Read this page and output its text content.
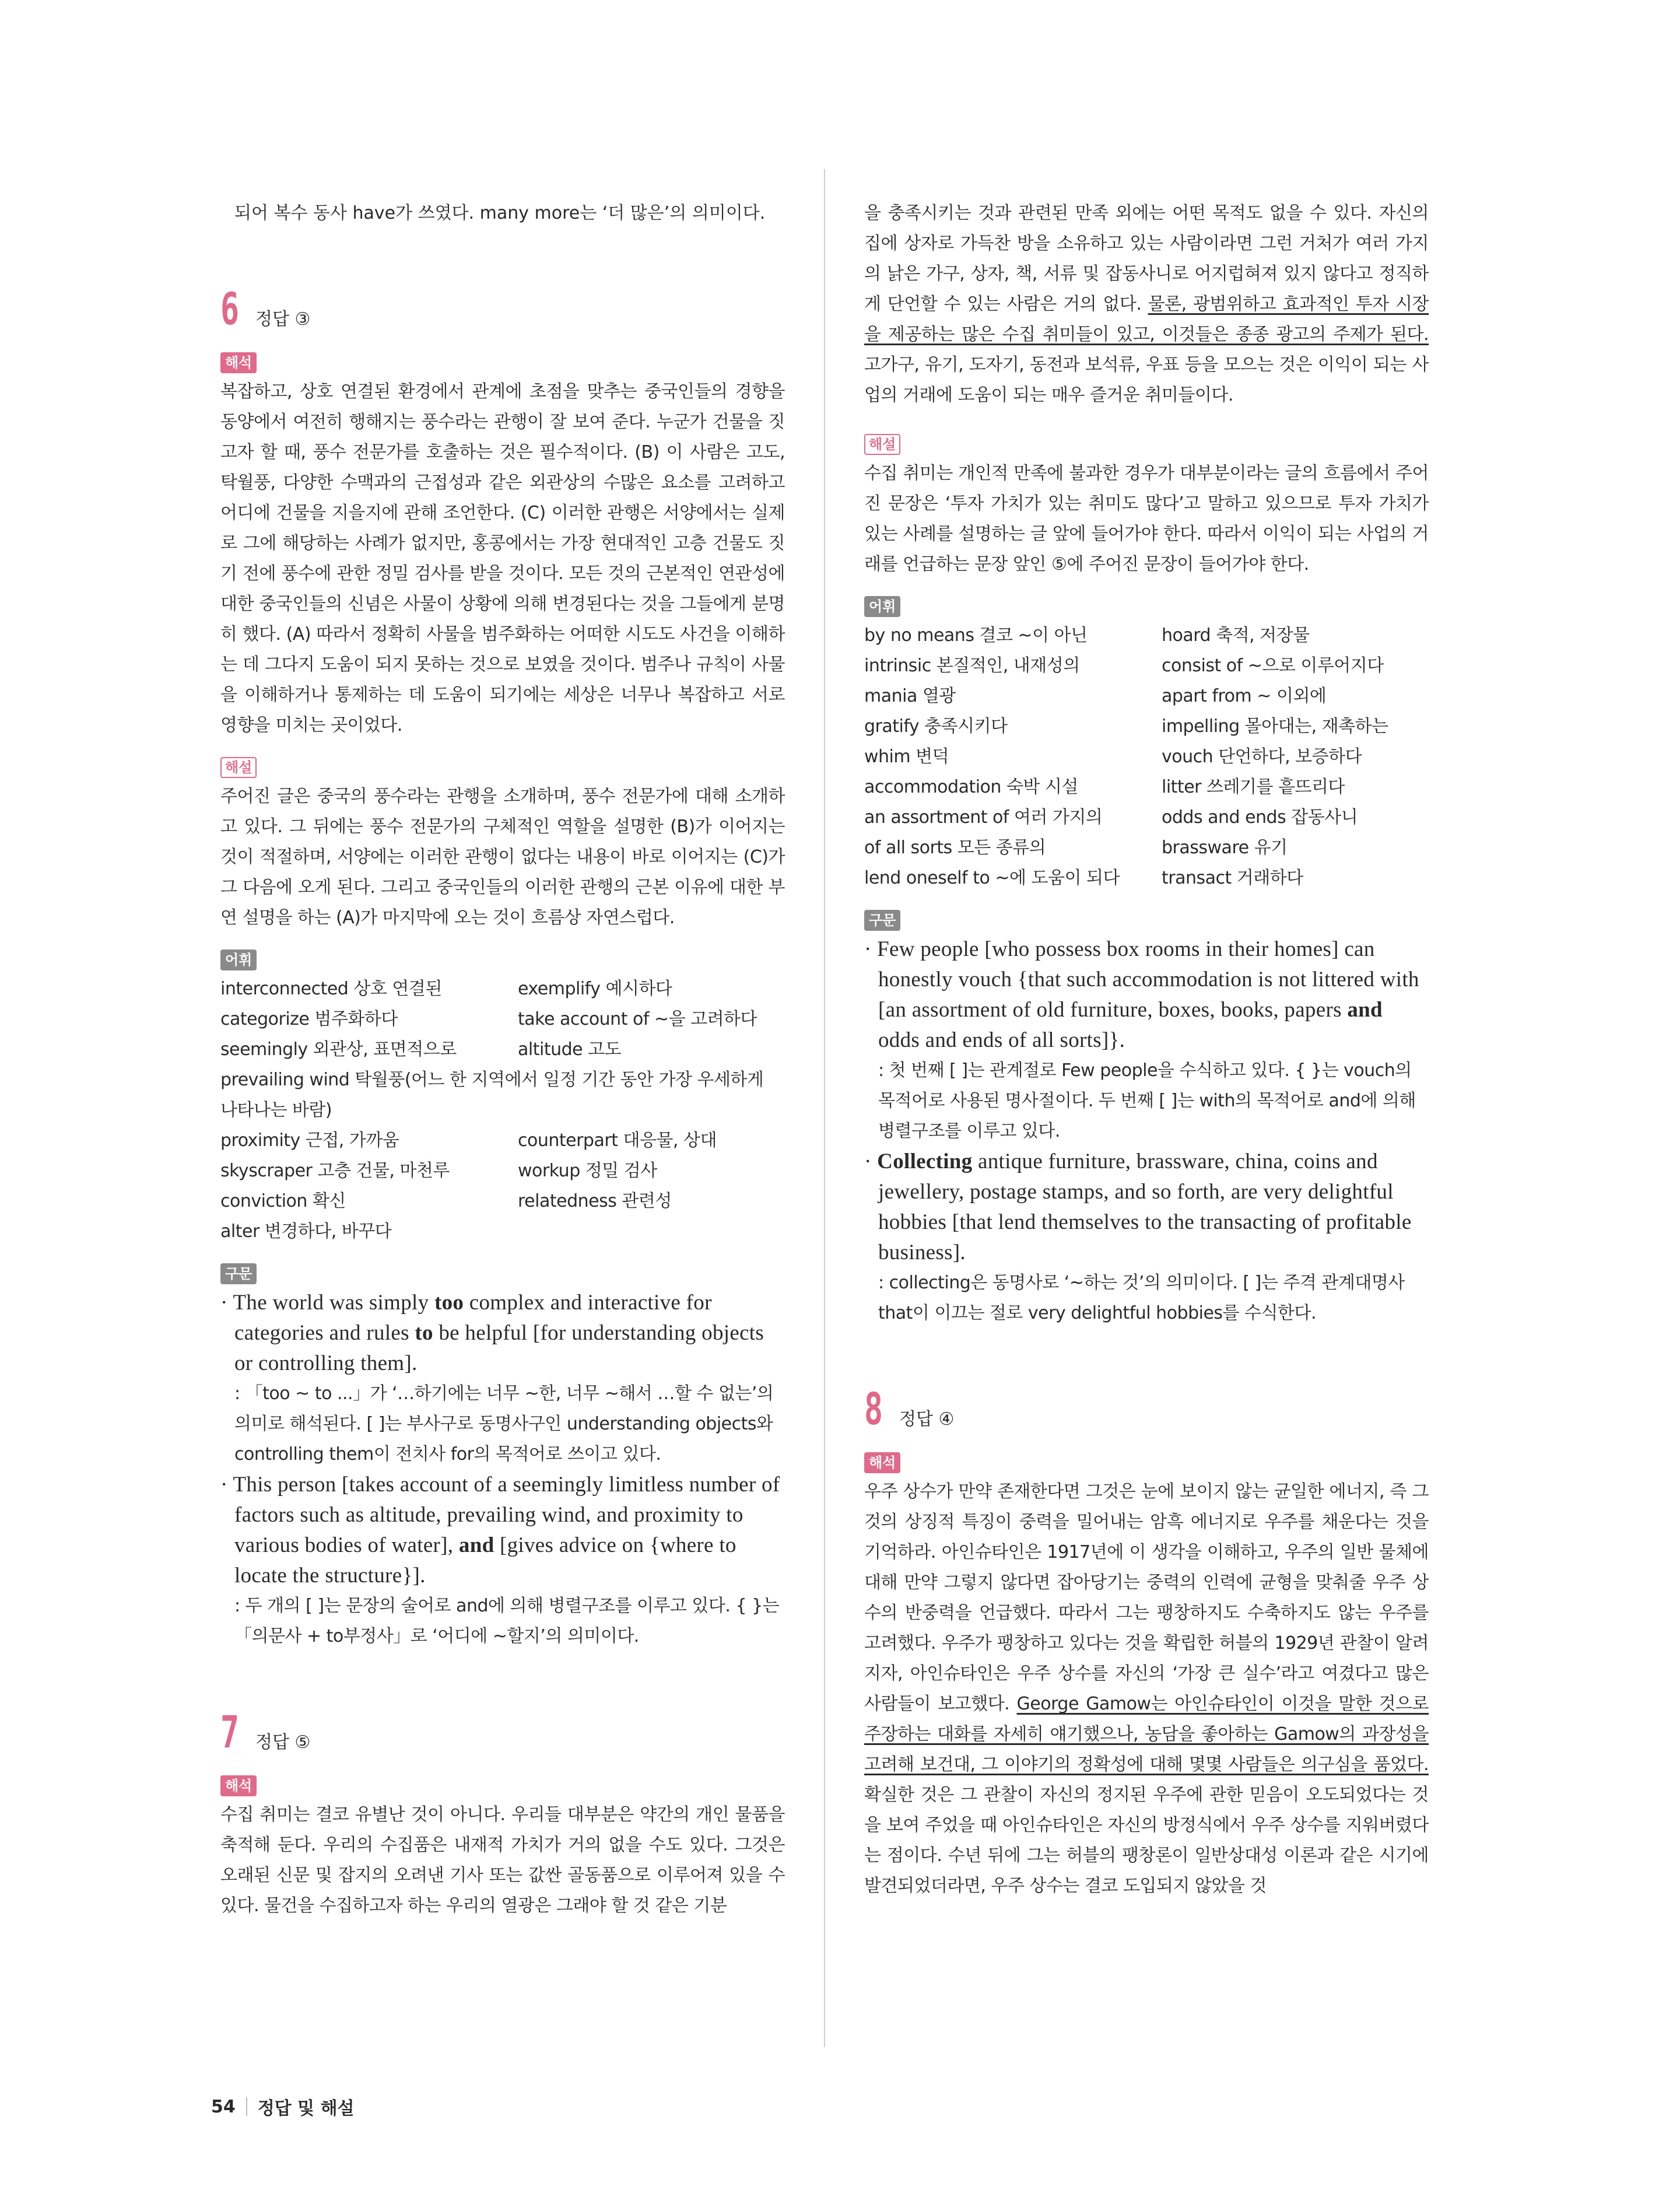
되어 복수 동사 have가 쓰였다. many more는 ‘더 많은’의 의미이다.

6 정답 ③
해석

복잡하고, 상호 연결된 환경에서 관계에 초점을 맞추는 중국인들의 경향을 동양에서 여전히 행해지는 풍수라는 관행이 잘 보여 준다. 누군가 건물을 짓고자 할 때, 풍수 전문가를 호출하는 것은 필수적이다. (B) 이 사람은 고도, 탁월풍, 다양한 수맥과의 근접성과 같은 외관상의 수많은 요소를 고려하고 어디에 건물을 지을지에 관해 조언한다. (C) 이러한 관행은 서양에서는 실제로 그에 해당하는 사례가 없지만, 홍콩에서는 가장 현대적인 고층 건물도 짓기 전에 풍수에 관한 정밀 검사를 받을 것이다. 모든 것의 근본적인 연관성에 대한 중국인들의 신념은 사물이 상황에 의해 변경된다는 것을 그들에게 분명히 했다. (A) 따라서 정확히 사물을 범주화하는 어떠한 시도도 사건을 이해하는 데 그다지 도움이 되지 못하는 것으로 보였을 것이다. 범주나 규칙이 사물을 이해하거나 통제하는 데 도움이 되기에는 세상은 너무나 복잡하고 서로 영향을 미치는 곳이었다.

해설

주어진 글은 중국의 풍수라는 관행을 소개하며, 풍수 전문가에 대해 소개하고 있다. 그 뒤에는 풍수 전문가의 구체적인 역할을 설명한 (B)가 이어지는 것이 적절하며, 서양에는 이러한 관행이 없다는 내용이 바로 이어지는 (C)가 그 다음에 오게 된다. 그리고 중국인들의 이러한 관행의 근본 이유에 대한 부연 설명을 하는 (A)가 마지막에 오는 것이 흐름상 자연스럽다.

어휘
interconnected 상호 연결된	exemplify 예시하다
categorize 범주화하다	take account of ~을 고려하다
seemingly 외관상, 표면적으로	altitude 고도
prevailing wind 탁월풍(어느 한 지역에서 일정 기간 동안 가장 우세하게 나타나는 바람)
proximity 근접, 가까움	counterpart 대응물, 상대
skyscraper 고층 건물, 마천루	workup 정밀 검사
conviction 확신	relatedness 관련성
alter 변경하다, 바꾸다
구문

· The world was simply too complex and interactive for categories and rules to be helpful [for understanding objects or controlling them].

: 「too ~ to ...」가 ‘…하기에는 너무 ~한, 너무 ~해서 …할 수 없는’의 의미로 해석된다. [ ]는 부사구로 동명사구인 understanding objects와 controlling them이 전치사 for의 목적어로 쓰이고 있다.

· This person [takes account of a seemingly limitless number of factors such as altitude, prevailing wind, and proximity to various bodies of water], and [gives advice on {where to locate the structure}].

: 두 개의 [ ]는 문장의 술어로 and에 의해 병렬구조를 이루고 있다. { }는 「의문사 + to부정사」로 ‘어디에 ~할지’의 의미이다.

7 정답 ⑤
해석

수집 취미는 결코 유별난 것이 아니다. 우리들 대부분은 약간의 개인 물품을 축적해 둔다. 우리의 수집품은 내재적 가치가 거의 없을 수도 있다. 그것은 오래된 신문 및 잡지의 오려낸 기사 또는 값싼 골동품으로 이루어져 있을 수 있다. 물건을 수집하고자 하는 우리의 열광은 그래야 할 것 같은 기분

을 충족시키는 것과 관련된 만족 외에는 어떤 목적도 없을 수 있다. 자신의 집에 상자로 가득찬 방을 소유하고 있는 사람이라면 그런 거처가 여러 가지의 낡은 가구, 상자, 책, 서류 및 잡동사니로 어지럽혀져 있지 않다고 정직하게 단언할 수 있는 사람은 거의 없다. 물론, 광범위하고 효과적인 투자 시장을 제공하는 많은 수집 취미들이 있고, 이것들은 종종 광고의 주제가 된다. 고가구, 유기, 도자기, 동전과 보석류, 우표 등을 모으는 것은 이익이 되는 사업의 거래에 도움이 되는 매우 즐거운 취미들이다.

해설

수집 취미는 개인적 만족에 불과한 경우가 대부분이라는 글의 흐름에서 주어진 문장은 ‘투자 가치가 있는 취미도 많다’고 말하고 있으므로 투자 가치가 있는 사례를 설명하는 글 앞에 들어가야 한다. 따라서 이익이 되는 사업의 거래를 언급하는 문장 앞인 ⑤에 주어진 문장이 들어가야 한다.

어휘
by no means 결코 ~이 아닌	hoard 축적, 저장물
intrinsic 본질적인, 내재성의	consist of ~으로 이루어지다
mania 열광	apart from ~ 이외에
gratify 충족시키다	impelling 몰아대는, 재촉하는
whim 변덕	vouch 단언하다, 보증하다
accommodation 숙박 시설	litter 쓰레기를 흩뜨리다
an assortment of 여러 가지의	odds and ends 잡동사니
of all sorts 모든 종류의	brassware 유기
lend oneself to ~에 도움이 되다	transact 거래하다
구문

· Few people [who possess box rooms in their homes] can honestly vouch {that such accommodation is not littered with [an assortment of old furniture, boxes, books, papers and odds and ends of all sorts]}.

: 첫 번째 [ ]는 관계절로 Few people을 수식하고 있다. { }는 vouch의 목적어로 사용된 명사절이다. 두 번째 [ ]는 with의 목적어로 and에 의해 병렬구조를 이루고 있다.

· Collecting antique furniture, brassware, china, coins and jewellery, postage stamps, and so forth, are very delightful hobbies [that lend themselves to the transacting of profitable business].

: collecting은 동명사로 ‘~하는 것’의 의미이다. [ ]는 주격 관계대명사 that이 이끄는 절로 very delightful hobbies를 수식한다.

8 정답 ④
해석

우주 상수가 만약 존재한다면 그것은 눈에 보이지 않는 균일한 에너지, 즉 그것의 상징적 특징이 중력을 밀어내는 암흑 에너지로 우주를 채운다는 것을 기억하라. 아인슈타인은 1917년에 이 생각을 이해하고, 우주의 일반 물체에 대해 만약 그렇지 않다면 잡아당기는 중력의 인력에 균형을 맞춰줄 우주 상수의 반중력을 언급했다. 따라서 그는 팽창하지도 수축하지도 않는 우주를 고려했다. 우주가 팽창하고 있다는 것을 확립한 허블의 1929년 관찰이 알려지자, 아인슈타인은 우주 상수를 자신의 ‘가장 큰 실수’라고 여겼다고 많은 사람들이 보고했다. George Gamow는 아인슈타인이 이것을 말한 것으로 주장하는 대화를 자세히 얘기했으나, 농담을 좋아하는 Gamow의 과장성을 고려해 보건대, 그 이야기의 정확성에 대해 몇몇 사람들은 의구심을 품었다. 확실한 것은 그 관찰이 자신의 정지된 우주에 관한 믿음이 오도되었다는 것을 보여 주었을 때 아인슈타인은 자신의 방정식에서 우주 상수를 지워버렸다는 점이다. 수년 뒤에 그는 허블의 팽창론이 일반상대성 이론과 같은 시기에 발견되었더라면, 우주 상수는 결코 도입되지 않았을 것

54 정답 및 해설
